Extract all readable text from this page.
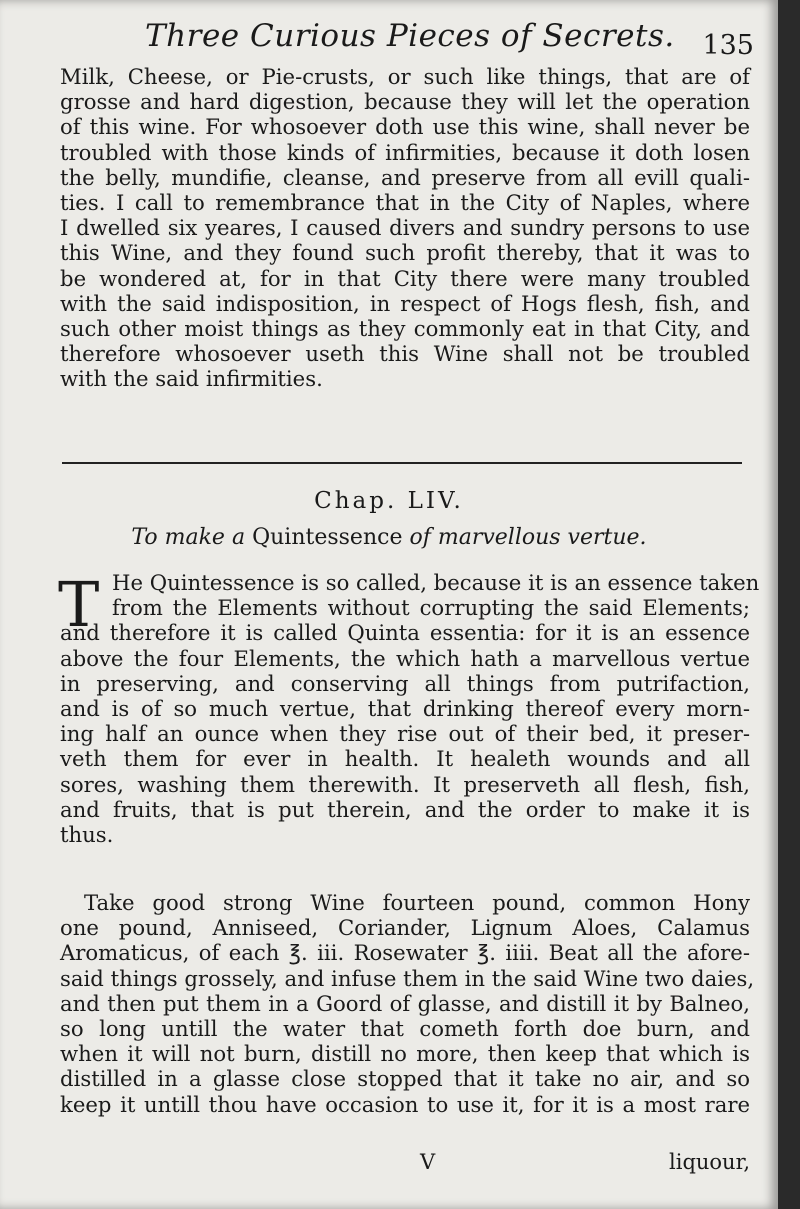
Three Curious Pieces of Secrets. 135
Milk, Cheese, or Pie-crusts, or such like things, that are of
grosse and hard digestion, because they will let the operation
of this wine. For whosoever doth use this wine, shall never be
troubled with those kinds of infirmities, because it doth losen
the belly, mundifie, cleanse, and preserve from all evill quali-
ties. I call to remembrance that in the City of Naples, where
I dwelled six yeares, I caused divers and sundry persons to use
this Wine, and they found such profit thereby, that it was to
be wondered at, for in that City there were many troubled
with the said indisposition, in respect of Hogs flesh, fish, and
such other moist things as they commonly eat in that City, and
therefore whosoever useth this Wine shall not be troubled
with the said infirmities.
Chap. LIV.
To make a Quintessence of marvellous vertue.
T He Quintessence is so called, because it is an essence taken
from the Elements without corrupting the said Elements;
and therefore it is called Quinta essentia: for it is an essence
above the four Elements, the which hath a marvellous vertue
in preserving, and conserving all things from putrifaction,
and is of so much vertue, that drinking thereof every morn-
ing half an ounce when they rise out of their bed, it preser-
veth them for ever in health. It healeth wounds and all
sores, washing them therewith. It preserveth all flesh, fish,
and fruits, that is put therein, and the order to make it is
thus.
Take good strong Wine fourteen pound, common Hony
one pound, Anniseed, Coriander, Lignum Aloes, Calamus
Aromaticus, of each ℥. iii. Rosewater ℥. iiii. Beat all the afore-
said things grossely, and infuse them in the said Wine two daies,
and then put them in a Goord of glasse, and distill it by Balneo,
so long untill the water that cometh forth doe burn, and
when it will not burn, distill no more, then keep that which is
distilled in a glasse close stopped that it take no air, and so
keep it untill thou have occasion to use it, for it is a most rare
V	liquour,
